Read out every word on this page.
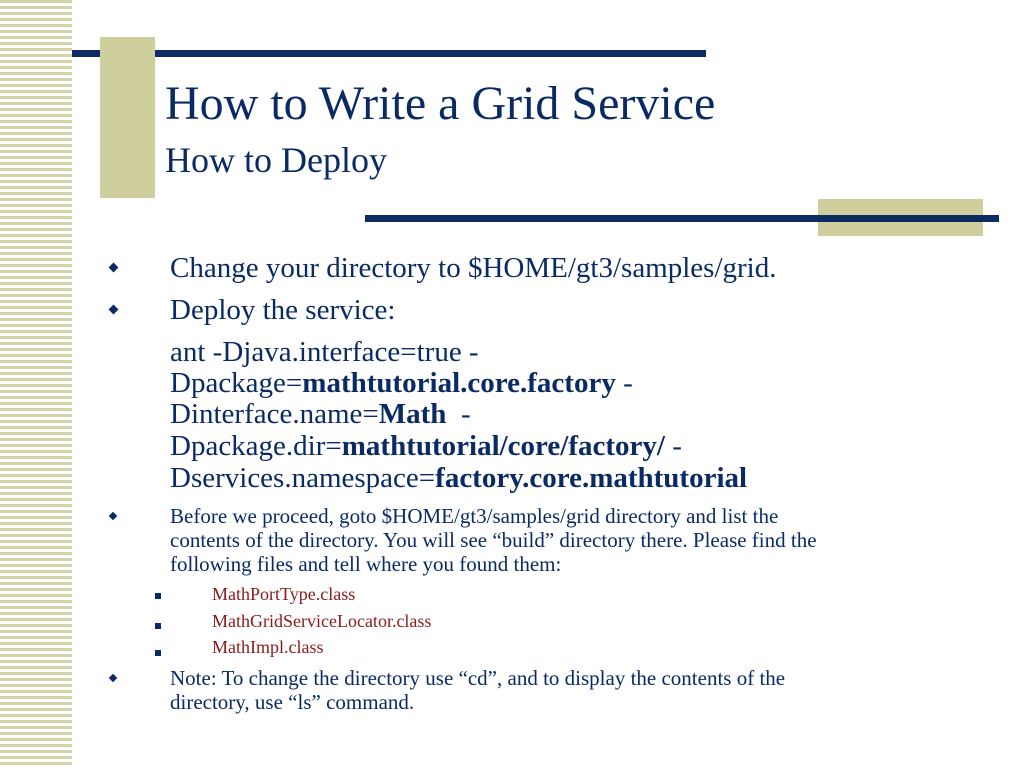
How to Write a Grid Service
How to Deploy
Change your directory to $HOME/gt3/samples/grid.
Deploy the service:
ant -Djava.interface=true -
Dpackage=mathtutorial.core.factory -
Dinterface.name=Math  -
Dpackage.dir=mathtutorial/core/factory/ -
Dservices.namespace=factory.core.mathtutorial
Before we proceed, goto $HOME/gt3/samples/grid directory and list the
contents of the directory. You will see “build” directory there. Please find the
following files and tell where you found them:
MathPortType.class
MathGridServiceLocator.class
MathImpl.class
Note: To change the directory use “cd”, and to display the contents of the
directory, use “ls” command.
